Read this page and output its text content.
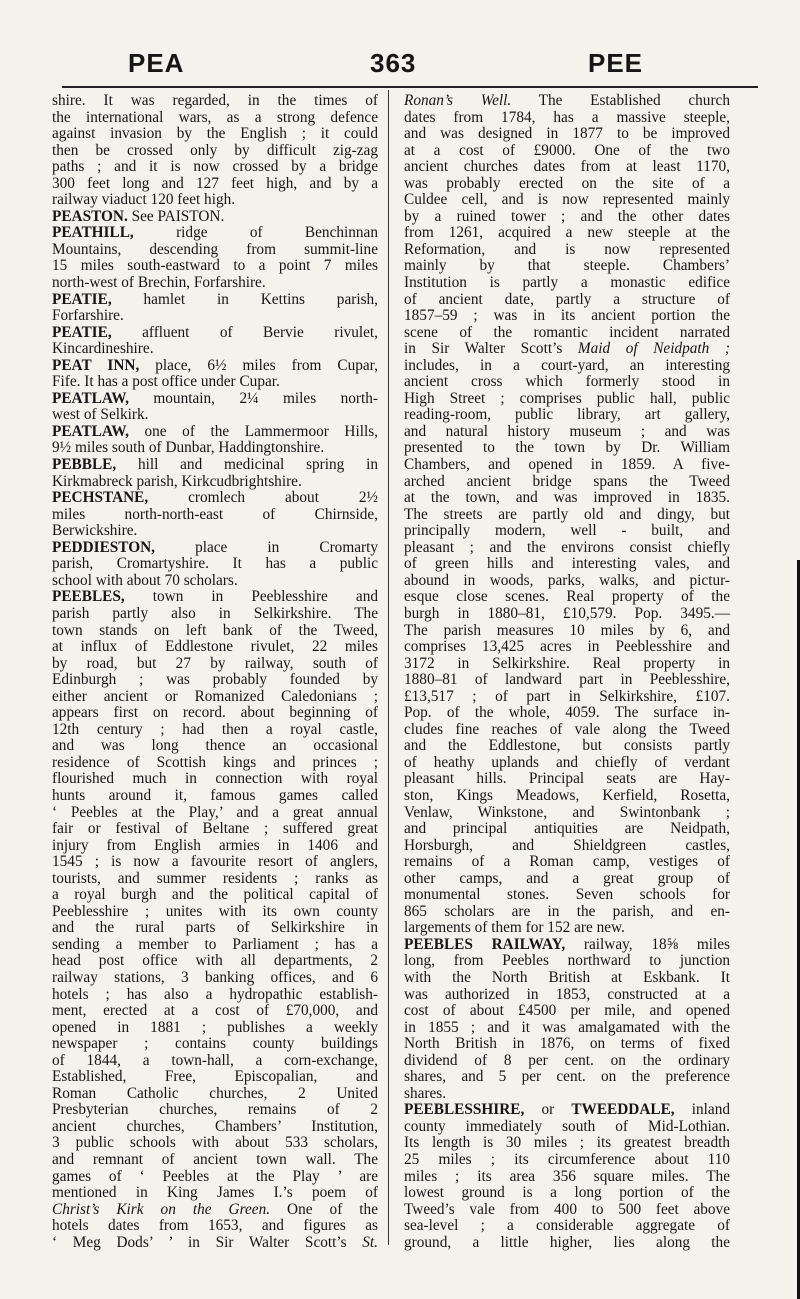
PEA	363	PEE
shire. It was regarded, in the times of
the international wars, as a strong defence
against invasion by the English ; it could
then be crossed only by difficult zig-zag
paths ; and it is now crossed by a bridge
300 feet long and 127 feet high, and by a
railway viaduct 120 feet high.
PEASTON. See PAISTON.
PEATHILL, ridge of Benchinnan
Mountains, descending from summit-line
15 miles south-eastward to a point 7 miles
north-west of Brechin, Forfarshire.
PEATIE, hamlet in Kettins parish,
Forfarshire.
PEATIE, affluent of Bervie rivulet,
Kincardineshire.
PEAT INN, place, 6½ miles from Cupar,
Fife. It has a post office under Cupar.
PEATLAW, mountain, 2¼ miles north-
west of Selkirk.
PEATLAW, one of the Lammermoor Hills,
9½ miles south of Dunbar, Haddingtonshire.
PEBBLE, hill and medicinal spring in
Kirkmabreck parish, Kirkcudbrightshire.
PECHSTANE, cromlech about 2½
miles north-north-east of Chirnside,
Berwickshire.
PEDDIESTON, place in Cromarty
parish, Cromartyshire. It has a public
school with about 70 scholars.
PEEBLES, town in Peeblesshire and
parish partly also in Selkirkshire. The
town stands on left bank of the Tweed,
at influx of Eddlestone rivulet, 22 miles
by road, but 27 by railway, south of
Edinburgh ; was probably founded by
either ancient or Romanized Caledonians ;
appears first on record. about beginning of
12th century ; had then a royal castle,
and was long thence an occasional
residence of Scottish kings and princes ;
flourished much in connection with royal
hunts around it, famous games called
‘ Peebles at the Play,’ and a great annual
fair or festival of Beltane ; suffered great
injury from English armies in 1406 and
1545 ; is now a favourite resort of anglers,
tourists, and summer residents ; ranks as
a royal burgh and the political capital of
Peeblesshire ; unites with its own county
and the rural parts of Selkirkshire in
sending a member to Parliament ; has a
head post office with all departments, 2
railway stations, 3 banking offices, and 6
hotels ; has also a hydropathic establish-
ment, erected at a cost of £70,000, and
opened in 1881 ; publishes a weekly
newspaper ; contains county buildings
of 1844, a town-hall, a corn-exchange,
Established, Free, Episcopalian, and
Roman Catholic churches, 2 United
Presbyterian churches, remains of 2
ancient churches, Chambers’ Institution,
3 public schools with about 533 scholars,
and remnant of ancient town wall. The
games of ‘ Peebles at the Play ’ are
mentioned in King James I.’s poem of
Christ’s Kirk on the Green. One of the
hotels dates from 1653, and figures as
‘ Meg Dods’ ’ in Sir Walter Scott’s St.
Ronan’s Well. The Established church
dates from 1784, has a massive steeple,
and was designed in 1877 to be improved
at a cost of £9000. One of the two
ancient churches dates from at least 1170,
was probably erected on the site of a
Culdee cell, and is now represented mainly
by a ruined tower ; and the other dates
from 1261, acquired a new steeple at the
Reformation, and is now represented
mainly by that steeple. Chambers’
Institution is partly a monastic edifice
of ancient date, partly a structure of
1857–59 ; was in its ancient portion the
scene of the romantic incident narrated
in Sir Walter Scott’s Maid of Neidpath ;
includes, in a court-yard, an interesting
ancient cross which formerly stood in
High Street ; comprises public hall, public
reading-room, public library, art gallery,
and natural history museum ; and was
presented to the town by Dr. William
Chambers, and opened in 1859. A five-
arched ancient bridge spans the Tweed
at the town, and was improved in 1835.
The streets are partly old and dingy, but
principally modern, well - built, and
pleasant ; and the environs consist chiefly
of green hills and interesting vales, and
abound in woods, parks, walks, and pictur-
esque close scenes. Real property of the
burgh in 1880–81, £10,579. Pop. 3495.—
The parish measures 10 miles by 6, and
comprises 13,425 acres in Peeblesshire and
3172 in Selkirkshire. Real property in
1880–81 of landward part in Peeblesshire,
£13,517 ; of part in Selkirkshire, £107.
Pop. of the whole, 4059. The surface in-
cludes fine reaches of vale along the Tweed
and the Eddlestone, but consists partly
of heathy uplands and chiefly of verdant
pleasant hills. Principal seats are Hay-
ston, Kings Meadows, Kerfield, Rosetta,
Venlaw, Winkstone, and Swintonbank ;
and principal antiquities are Neidpath,
Horsburgh, and Shieldgreen castles,
remains of a Roman camp, vestiges of
other camps, and a great group of
monumental stones. Seven schools for
865 scholars are in the parish, and en-
largements of them for 152 are new.
PEEBLES RAILWAY, railway, 18⅝ miles
long, from Peebles northward to junction
with the North British at Eskbank. It
was authorized in 1853, constructed at a
cost of about £4500 per mile, and opened
in 1855 ; and it was amalgamated with the
North British in 1876, on terms of fixed
dividend of 8 per cent. on the ordinary
shares, and 5 per cent. on the preference
shares.
PEEBLESSHIRE, or TWEEDDALE, inland
county immediately south of Mid-Lothian.
Its length is 30 miles ; its greatest breadth
25 miles ; its circumference about 110
miles ; its area 356 square miles. The
lowest ground is a long portion of the
Tweed’s vale from 400 to 500 feet above
sea-level ; a considerable aggregate of
ground, a little higher, lies along the
